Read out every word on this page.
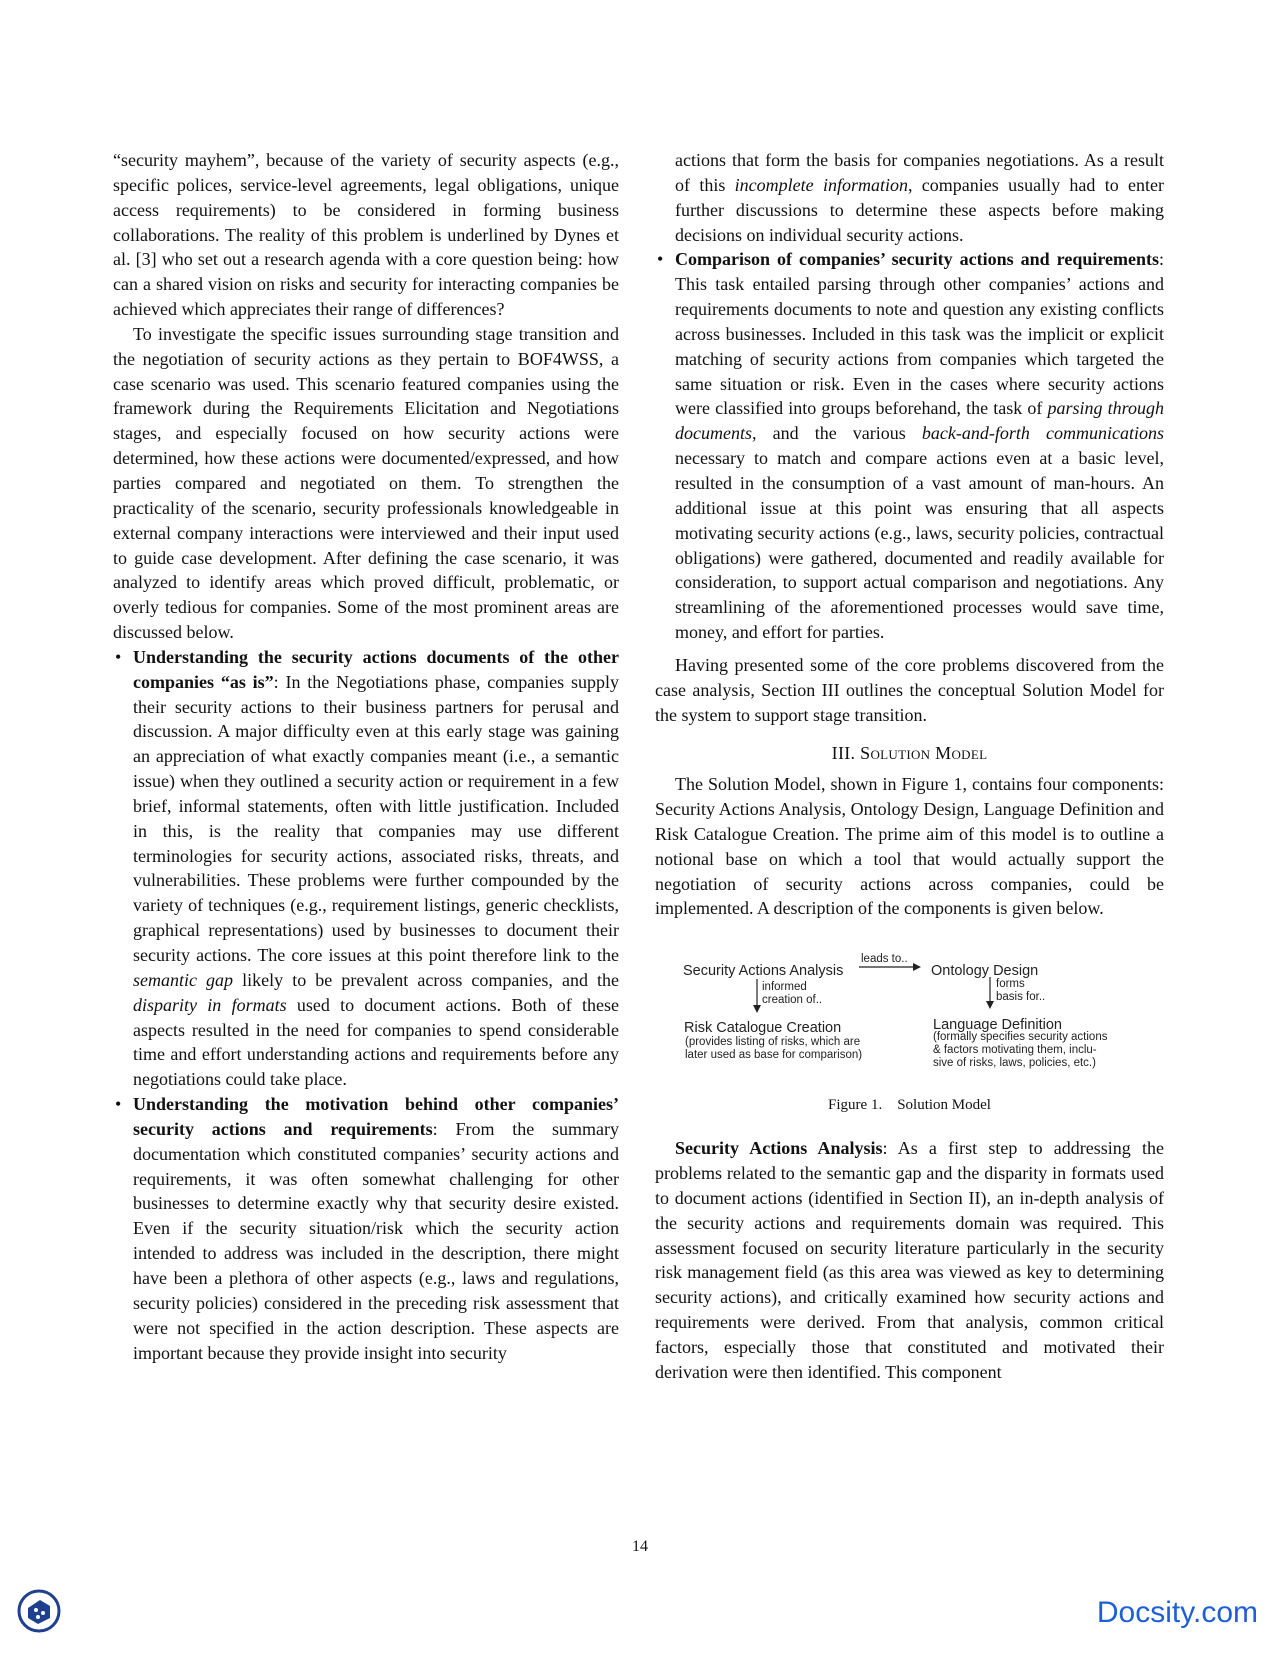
“security mayhem”, because of the variety of security aspects (e.g., specific polices, service-level agreements, legal obligations, unique access requirements) to be considered in forming business collaborations. The reality of this problem is underlined by Dynes et al. [3] who set out a research agenda with a core question being: how can a shared vision on risks and security for interacting companies be achieved which appreciates their range of differences?

To investigate the specific issues surrounding stage transition and the negotiation of security actions as they pertain to BOF4WSS, a case scenario was used. This scenario featured companies using the framework during the Requirements Elicitation and Negotiations stages, and especially focused on how security actions were determined, how these actions were documented/expressed, and how parties compared and negotiated on them. To strengthen the practicality of the scenario, security professionals knowledgeable in external company interactions were interviewed and their input used to guide case development. After defining the case scenario, it was analyzed to identify areas which proved difficult, problematic, or overly tedious for companies. Some of the most prominent areas are discussed below.

• Understanding the security actions documents of the other companies “as is”: In the Negotiations phase, companies supply their security actions to their business partners for perusal and discussion. A major difficulty even at this early stage was gaining an appreciation of what exactly companies meant (i.e., a semantic issue) when they outlined a security action or requirement in a few brief, informal statements, often with little justification. Included in this, is the reality that companies may use different terminologies for security actions, associated risks, threats, and vulnerabilities. These problems were further compounded by the variety of techniques (e.g., requirement listings, generic checklists, graphical representations) used by businesses to document their security actions. The core issues at this point therefore link to the semantic gap likely to be prevalent across companies, and the disparity in formats used to document actions. Both of these aspects resulted in the need for companies to spend considerable time and effort understanding actions and requirements before any negotiations could take place.
• Understanding the motivation behind other companies’ security actions and requirements: From the summary documentation which constituted companies’ security actions and requirements, it was often somewhat challenging for other businesses to determine exactly why that security desire existed. Even if the security situation/risk which the security action intended to address was included in the description, there might have been a plethora of other aspects (e.g., laws and regulations, security policies) considered in the preceding risk assessment that were not specified in the action description. These aspects are important because they provide insight into security
actions that form the basis for companies negotiations. As a result of this incomplete information, companies usually had to enter further discussions to determine these aspects before making decisions on individual security actions.
• Comparison of companies’ security actions and requirements: This task entailed parsing through other companies’ actions and requirements documents to note and question any existing conflicts across businesses. Included in this task was the implicit or explicit matching of security actions from companies which targeted the same situation or risk. Even in the cases where security actions were classified into groups beforehand, the task of parsing through documents, and the various back-and-forth communications necessary to match and compare actions even at a basic level, resulted in the consumption of a vast amount of man-hours. An additional issue at this point was ensuring that all aspects motivating security actions (e.g., laws, security policies, contractual obligations) were gathered, documented and readily available for consideration, to support actual comparison and negotiations. Any streamlining of the aforementioned processes would save time, money, and effort for parties.

Having presented some of the core problems discovered from the case analysis, Section III outlines the conceptual Solution Model for the system to support stage transition.

III. Solution Model

The Solution Model, shown in Figure 1, contains four components: Security Actions Analysis, Ontology Design, Language Definition and Risk Catalogue Creation. The prime aim of this model is to outline a notional base on which a tool that would actually support the negotiation of security actions across companies, could be implemented. A description of the components is given below.

Security Actions Analysis
leads to..
Ontology Design
informed
creation of..
forms
basis for..
Risk Catalogue Creation
(provides listing of risks, which are
later used as base for comparison)
Language Definition
(formally specifies security actions
& factors motivating them, inclu-
sive of risks, laws, policies, etc.)
Figure 1.    Solution Model

Security Actions Analysis: As a first step to addressing the problems related to the semantic gap and the disparity in formats used to document actions (identified in Section II), an in-depth analysis of the security actions and requirements domain was required. This assessment focused on security literature particularly in the security risk management field (as this area was viewed as key to determining security actions), and critically examined how security actions and requirements were derived. From that analysis, common critical factors, especially those that constituted and motivated their derivation were then identified. This component

14
Docsity.com
